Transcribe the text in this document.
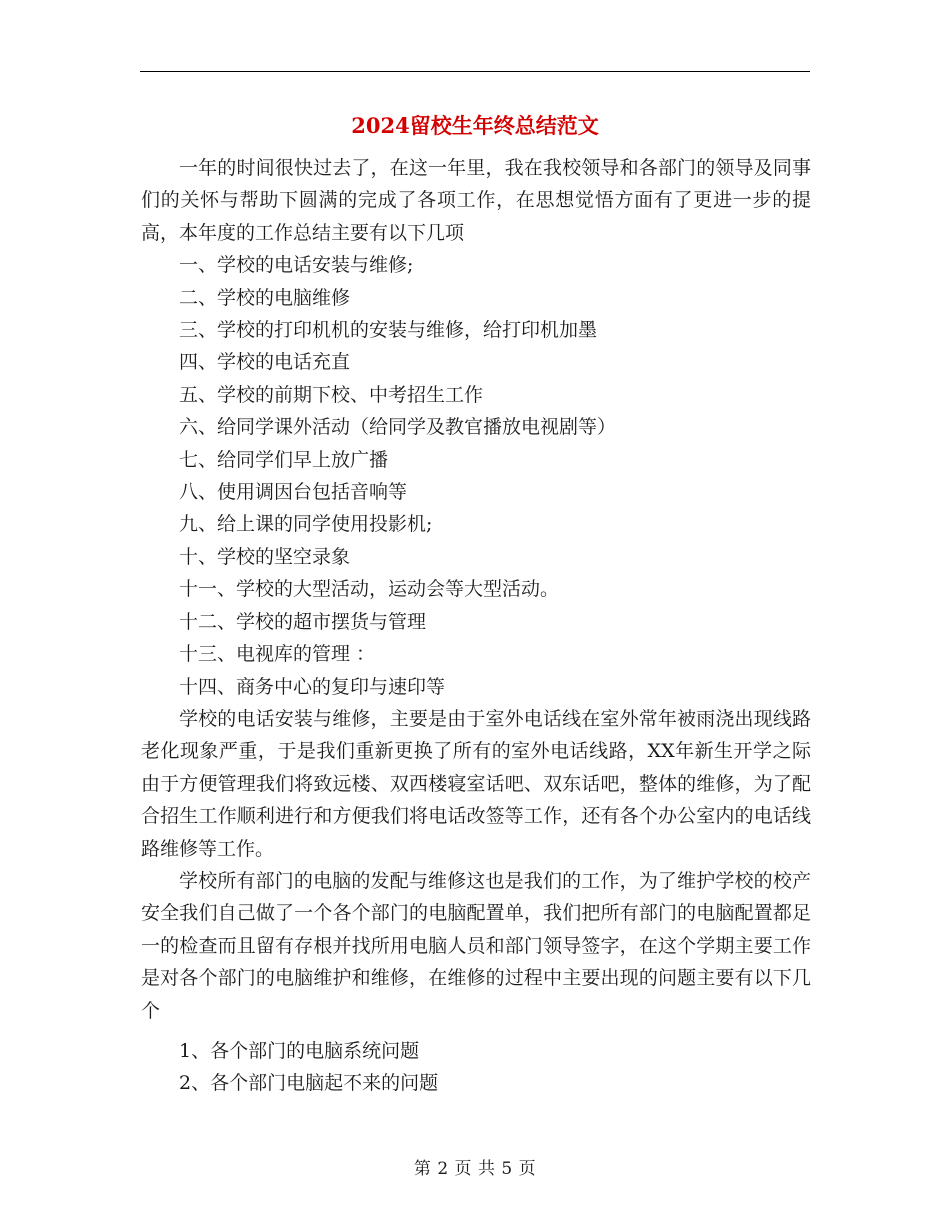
2024留校生年终总结范文

一年的时间很快过去了，在这一年里，我在我校领导和各部门的领导及同事们的关怀与帮助下圆满的完成了各项工作，在思想觉悟方面有了更进一步的提高，本年度的工作总结主要有以下几项

一、学校的电话安装与维修;

二、学校的电脑维修

三、学校的打印机机的安装与维修，给打印机加墨

四、学校的电话充直

五、学校的前期下校、中考招生工作

六、给同学课外活动（给同学及教官播放电视剧等）

七、给同学们早上放广播

八、使用调因台包括音响等

九、给上课的同学使用投影机;

十、学校的坚空录象

十一、学校的大型活动，运动会等大型活动。

十二、学校的超市摆货与管理

十三、电视库的管理 ：

十四、商务中心的复印与速印等

学校的电话安装与维修，主要是由于室外电话线在室外常年被雨浇出现线路老化现象严重，于是我们重新更换了所有的室外电话线路，XX年新生开学之际由于方便管理我们将致远楼、双西楼寝室话吧、双东话吧，整体的维修，为了配合招生工作顺利进行和方便我们将电话改签等工作，还有各个办公室内的电话线路维修等工作。

学校所有部门的电脑的发配与维修这也是我们的工作，为了维护学校的校产安全我们自己做了一个各个部门的电脑配置单，我们把所有部门的电脑配置都足一的检查而且留有存根并找所用电脑人员和部门领导签字，在这个学期主要工作是对各个部门的电脑维护和维修，在维修的过程中主要出现的问题主要有以下几个

1、各个部门的电脑系统问题

2、各个部门电脑起不来的问题

第 2 页 共 5 页
